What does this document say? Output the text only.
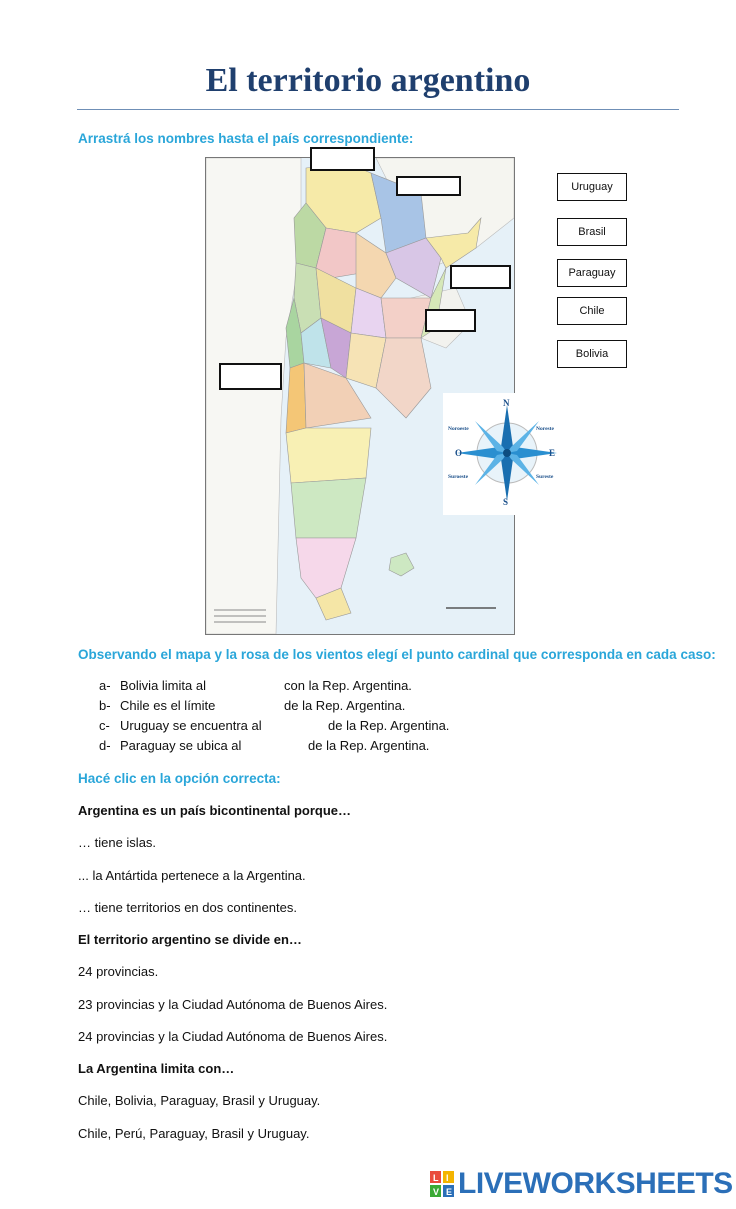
El territorio argentino
Arrastrá los nombres hasta el país correspondiente:
Uruguay
Brasil
Paraguay
Chile
Bolivia
N
S
O	E
Noroeste	Noreste
Suroeste	Sureste
Observando el mapa y la rosa de los vientos elegí el punto cardinal que corresponda en cada caso:
a- Bolivia limita al	con la Rep. Argentina.
b- Chile es el límite	de la Rep. Argentina.
c- Uruguay se encuentra al	de la Rep. Argentina.
d- Paraguay se ubica al	de la Rep. Argentina.
Hacé clic en la opción correcta:
Argentina es un país bicontinental porque…
… tiene islas.
... la Antártida pertenece a la Argentina.
… tiene territorios en dos continentes.
El territorio argentino se divide en…
24 provincias.
23 provincias y la Ciudad Autónoma de Buenos Aires.
24 provincias y la Ciudad Autónoma de Buenos Aires.
La Argentina limita con…
Chile, Bolivia, Paraguay, Brasil y Uruguay.
Chile, Perú, Paraguay, Brasil y Uruguay.
L I
V E LIVEWORKSHEETS
